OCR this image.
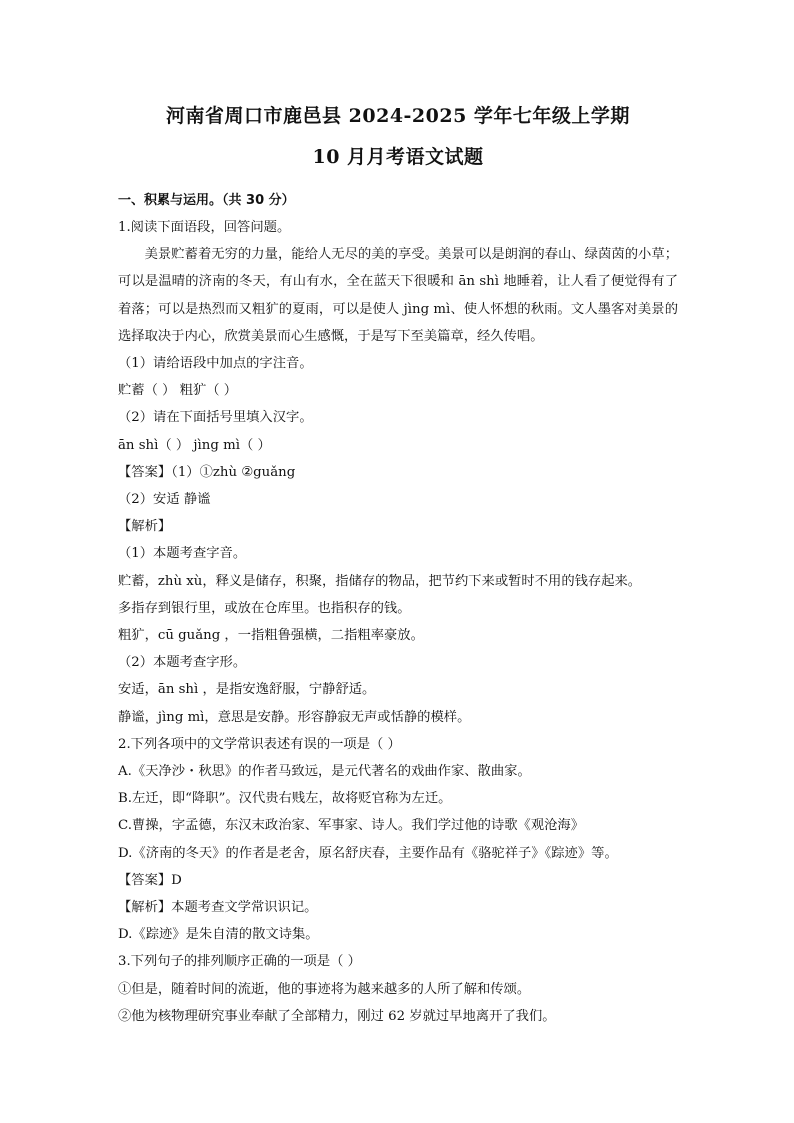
河南省周口市鹿邑县 2024-2025 学年七年级上学期
10 月月考语文试题
一、积累与运用。（共 30 分）
1.阅读下面语段，回答问题。

美景贮蓄着无穷的力量，能给人无尽的美的享受。美景可以是朗润的春山、绿茵茵的小草；可以是温晴的济南的冬天，有山有水，全在蓝天下很暖和 ān shì 地睡着，让人看了便觉得有了着落；可以是热烈而又粗犷的夏雨，可以是使人 jìng mì、使人怀想的秋雨。文人墨客对美景的选择取决于内心，欣赏美景而心生感慨，于是写下至美篇章，经久传唱。

（1）请给语段中加点的字注音。
贮蓄（ ） 粗犷（ ）
（2）请在下面括号里填入汉字。
ān shì（ ） jìng mì（ ）
【答案】（1）①zhù ②guǎng
（2）安适 静谧
【解析】
（1）本题考查字音。
贮蓄，zhù xù，释义是储存，积聚，指储存的物品，把节约下来或暂时不用的钱存起来。
多指存到银行里，或放在仓库里。也指积存的钱。
粗犷，cū guǎng ，一指粗鲁强横，二指粗率豪放。
（2）本题考查字形。
安适，ān shì ，是指安逸舒服，宁静舒适。
静谧，jìng mì，意思是安静。形容静寂无声或恬静的模样。
2.下列各项中的文学常识表述有误的一项是（ ）
A.《天净沙・秋思》的作者马致远，是元代著名的戏曲作家、散曲家。
B.左迁，即“降职”。汉代贵右贱左，故将贬官称为左迁。
C.曹操，字孟德，东汉末政治家、军事家、诗人。我们学过他的诗歌《观沧海》
D.《济南的冬天》的作者是老舍，原名舒庆春，主要作品有《骆驼祥子》《踪迹》等。
【答案】D
【解析】本题考查文学常识识记。
D.《踪迹》是朱自清的散文诗集。
3.下列句子的排列顺序正确的一项是（ ）
①但是，随着时间的流逝，他的事迹将为越来越多的人所了解和传颂。
②他为核物理研究事业奉献了全部精力，刚过 62 岁就过早地离开了我们。
